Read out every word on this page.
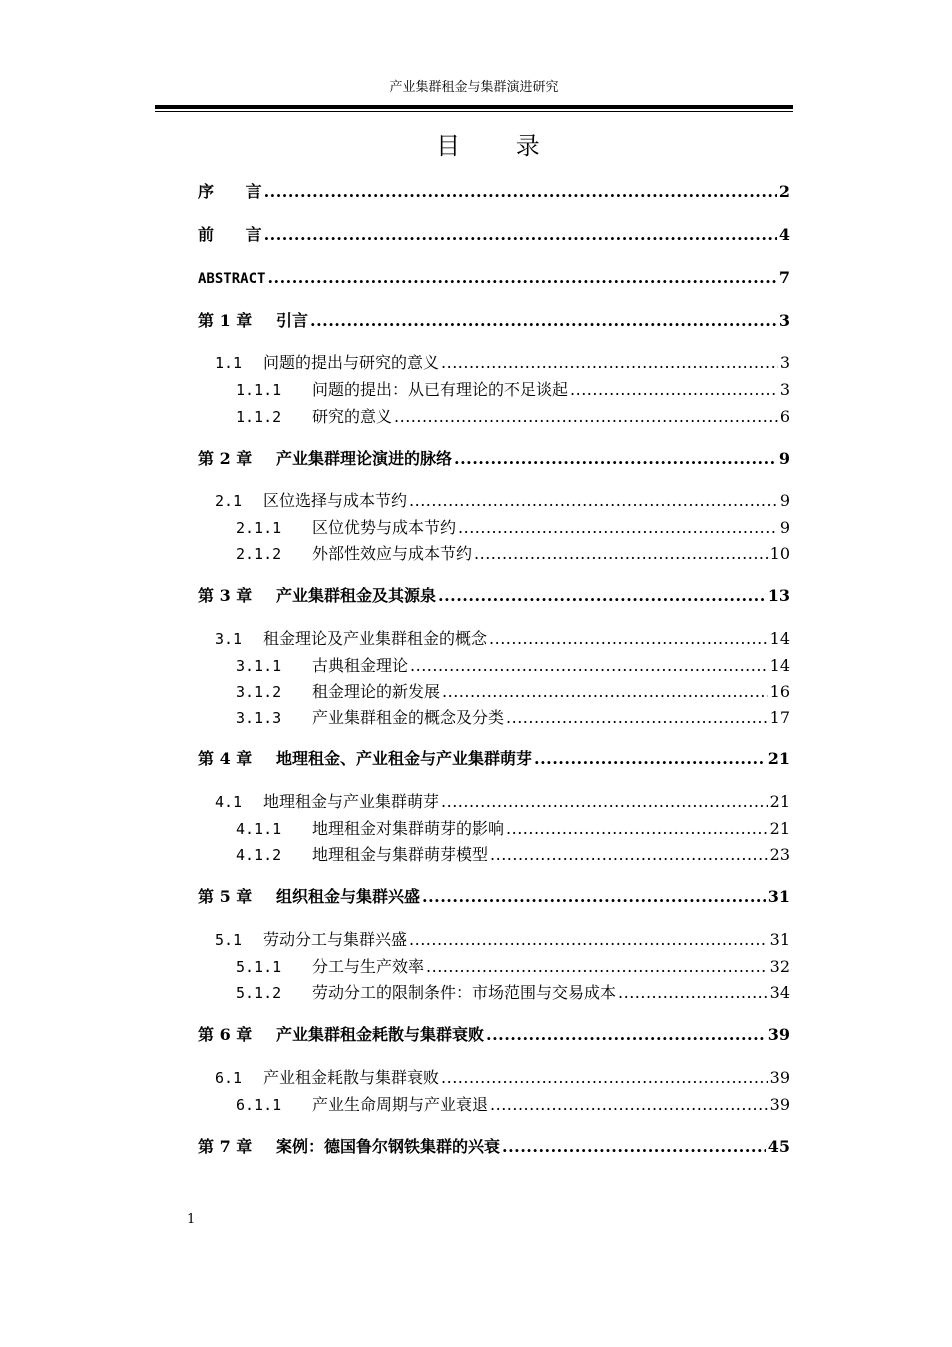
产业集群租金与集群演进研究
目 录
序 言 .....	2
前 言 .....	4
ABSTRACT .....	7
第 1 章	引言 .....	3
1.1	问题的提出与研究的意义 .....	3
1.1.1	问题的提出：从已有理论的不足谈起 .....	3
1.1.2	研究的意义 .....	6
第 2 章	产业集群理论演进的脉络 .....	9
2.1	区位选择与成本节约 .....	9
2.1.1	区位优势与成本节约 .....	9
2.1.2	外部性效应与成本节约 .....	10
第 3 章	产业集群租金及其源泉 .....	13
3.1	租金理论及产业集群租金的概念 .....	14
3.1.1	古典租金理论 .....	14
3.1.2	租金理论的新发展 .....	16
3.1.3	产业集群租金的概念及分类 .....	17
第 4 章	地理租金、产业租金与产业集群萌芽 .....	21
4.1	地理租金与产业集群萌芽 .....	21
4.1.1	地理租金对集群萌芽的影响 .....	21
4.1.2	地理租金与集群萌芽模型 .....	23
第 5 章	组织租金与集群兴盛 .....	31
5.1	劳动分工与集群兴盛 .....	31
5.1.1	分工与生产效率 .....	32
5.1.2	劳动分工的限制条件：市场范围与交易成本 .....	34
第 6 章	产业集群租金耗散与集群衰败 .....	39
6.1	产业租金耗散与集群衰败 .....	39
6.1.1	产业生命周期与产业衰退 .....	39
第 7 章	案例：德国鲁尔钢铁集群的兴衰 .....	45
1
